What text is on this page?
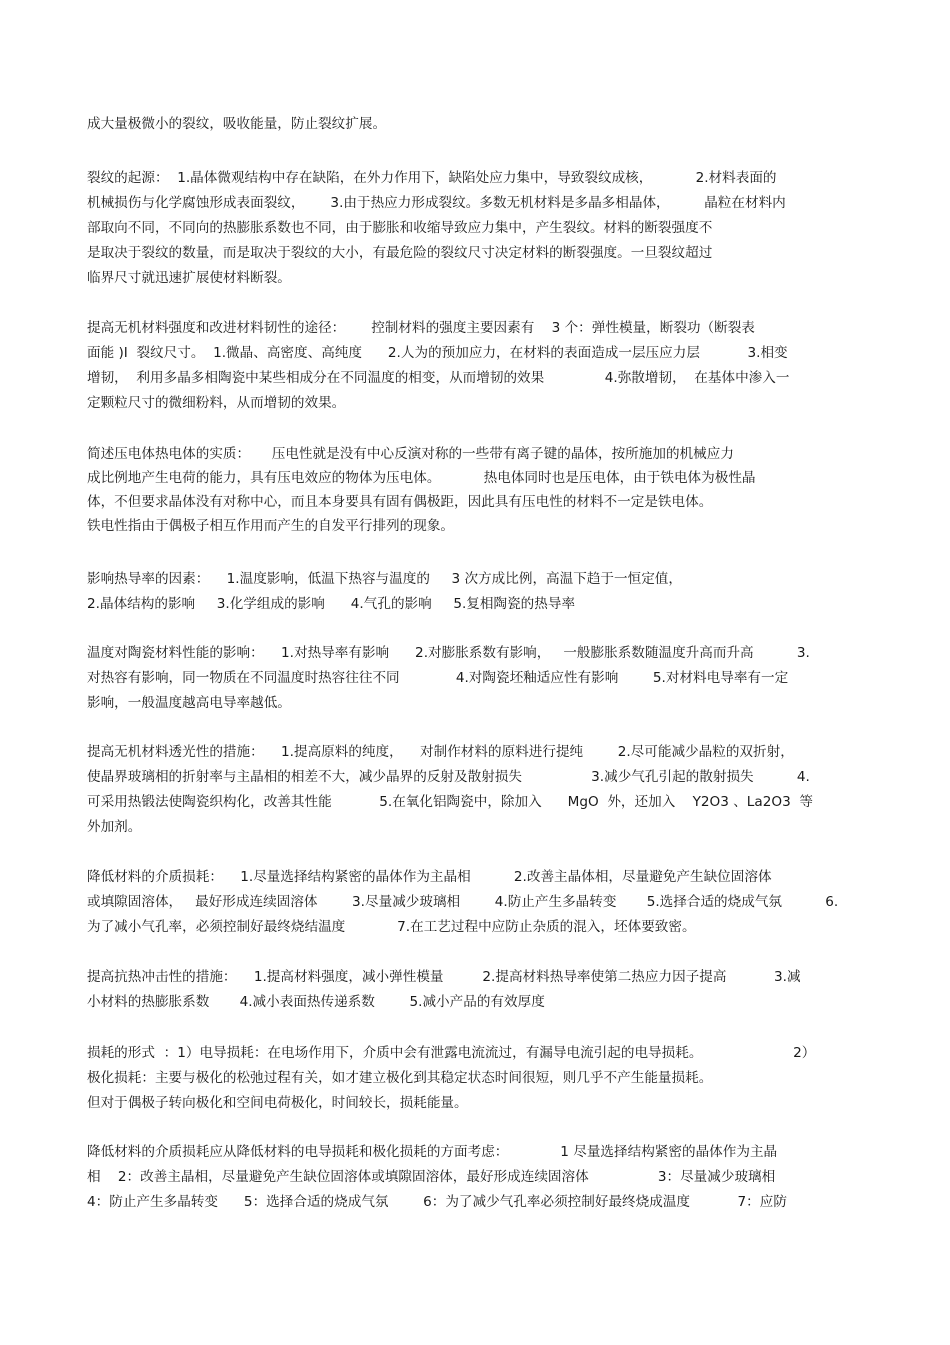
成大量极微小的裂纹，吸收能量，防止裂纹扩展。
裂纹的起源：  1.晶体微观结构中存在缺陷，在外力作用下，缺陷处应力集中，导致裂纹成核，          2.材料表面的
机械损伤与化学腐蚀形成表面裂纹，      3.由于热应力形成裂纹。多数无机材料是多晶多相晶体，        晶粒在材料内
部取向不同，不同向的热膨胀系数也不同，由于膨胀和收缩导致应力集中，产生裂纹。材料的断裂强度不
是取决于裂纹的数量，而是取决于裂纹的大小，有最危险的裂纹尺寸决定材料的断裂强度。一旦裂纹超过
临界尺寸就迅速扩展使材料断裂。
提高无机材料强度和改进材料韧性的途径：      控制材料的强度主要因素有    3 个：弹性模量，断裂功（断裂表
面能 )I  裂纹尺寸。  1.微晶、高密度、高纯度      2.人为的预加应力，在材料的表面造成一层压应力层           3.相变
增韧，  利用多晶多相陶瓷中某些相成分在不同温度的相变，从而增韧的效果              4.弥散增韧，  在基体中渗入一
定颗粒尺寸的微细粉料，从而增韧的效果。
简述压电体热电体的实质：     压电性就是没有中心反演对称的一些带有离子键的晶体，按所施加的机械应力
成比例地产生电荷的能力，具有压电效应的物体为压电体。          热电体同时也是压电体，由于铁电体为极性晶
体，不但要求晶体没有对称中心，而且本身要具有固有偶极距，因此具有压电性的材料不一定是铁电体。
铁电性指由于偶极子相互作用而产生的自发平行排列的现象。
影响热导率的因素：    1.温度影响，低温下热容与温度的     3 次方成比例，高温下趋于一恒定值，
2.晶体结构的影响     3.化学组成的影响      4.气孔的影响     5.复相陶瓷的热导率
温度对陶瓷材料性能的影响：    1.对热导率有影响      2.对膨胀系数有影响，   一般膨胀系数随温度升高而升高          3.
对热容有影响，同一物质在不同温度时热容往往不同             4.对陶瓷坯釉适应性有影响        5.对材料电导率有一定
影响，一般温度越高电导率越低。
提高无机材料透光性的措施：    1.提高原料的纯度，    对制作材料的原料进行提纯        2.尽可能减少晶粒的双折射，
使晶界玻璃相的折射率与主晶相的相差不大，减少晶界的反射及散射损失                3.减少气孔引起的散射损失          4.
可采用热锻法使陶瓷织构化，改善其性能           5.在氧化铝陶瓷中，除加入      MgO  外，还加入    Y2O3 、La2O3  等
外加剂。
降低材料的介质损耗：    1.尽量选择结构紧密的晶体作为主晶相          2.改善主晶体相，尽量避免产生缺位固溶体
或填隙固溶体，   最好形成连续固溶体        3.尽量减少玻璃相        4.防止产生多晶转变       5.选择合适的烧成气氛          6.
为了减小气孔率，必须控制好最终烧结温度            7.在工艺过程中应防止杂质的混入，坯体要致密。
提高抗热冲击性的措施：    1.提高材料强度，减小弹性模量         2.提高材料热导率使第二热应力因子提高           3.减
小材料的热膨胀系数       4.减小表面热传递系数        5.减小产品的有效厚度
损耗的形式  ：1）电导损耗：在电场作用下，介质中会有泄露电流流过，有漏导电流引起的电导损耗。                     2）
极化损耗：主要与极化的松弛过程有关，如才建立极化到其稳定状态时间很短，则几乎不产生能量损耗。
但对于偶极子转向极化和空间电荷极化，时间较长，损耗能量。
降低材料的介质损耗应从降低材料的电导损耗和极化损耗的方面考虑：            1 尽量选择结构紧密的晶体作为主晶
相    2：改善主晶相，尽量避免产生缺位固溶体或填隙固溶体，最好形成连续固溶体                3：尽量减少玻璃相
4：防止产生多晶转变      5：选择合适的烧成气氛        6：为了减少气孔率必须控制好最终烧成温度           7：应防
